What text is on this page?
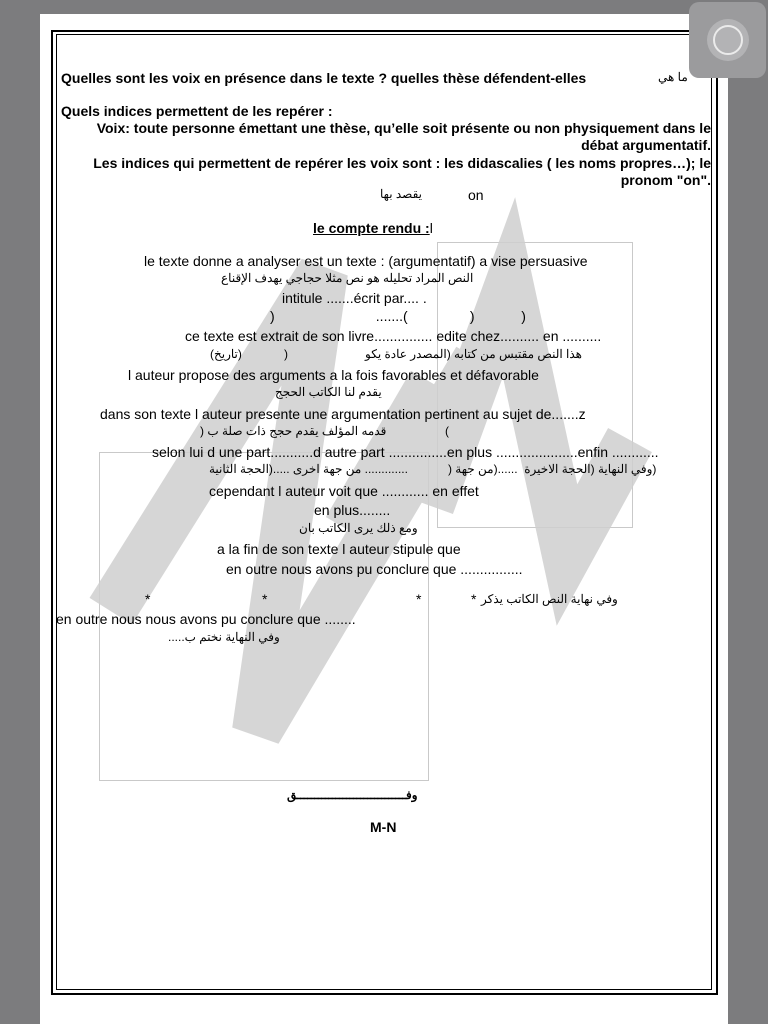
Quelles sont les voix en présence dans le texte ? quelles thèse défendent-elles	ما هي
Quels indices permettent de les repérer :
Voix: toute personne émettant une thèse, qu’elle soit présente ou non physiquement dans le
débat argumentatif.
Les indices qui permettent de repérer les voix sont : les didascalies ( les noms propres…); le
pronom "on".
يقصد بها	on
le compte rendu :l
le texte donne a analyser est un texte : (argumentatif) a vise persuasive
النص المراد تحليله هو نص مثلا حجاجي يهدف الإقناع
intitule .......écrit par.... .
)                          .......(                )            )
ce texte est extrait de son livre............... edite chez.......... en ..........
(تاريخ)	(	هذا النص مقتبس من كتابه (المصدر عادة يكو
l auteur propose des arguments a la fois favorables et défavorable
يقدم لنا الكاتب الحجج
dans son texte l auteur presente une argumentation pertinent au sujet de.......z
قدمه المؤلف يقدم حجج ذات صلة ب (	)
selon lui d une part...........d autre part ...............en plus .....................enfin ............
(وفي النهاية (الحجة الاخيرة  ......(من جهة (            ............. من جهة اخرى .....(الحجة الثانية
cependant l auteur voit que ............ en effet
en plus........
ومع ذلك يرى الكاتب بان
a la fin de son texte l auteur stipule que
en outre nous avons pu conclure que ................
*	*	*	* وفي نهاية النص الكاتب يذكر
en outre nous nous avons pu conclure que ........
وفي النهاية نختم ب.....
وفـــــــــــــــــــــــــــــــق
M-N
